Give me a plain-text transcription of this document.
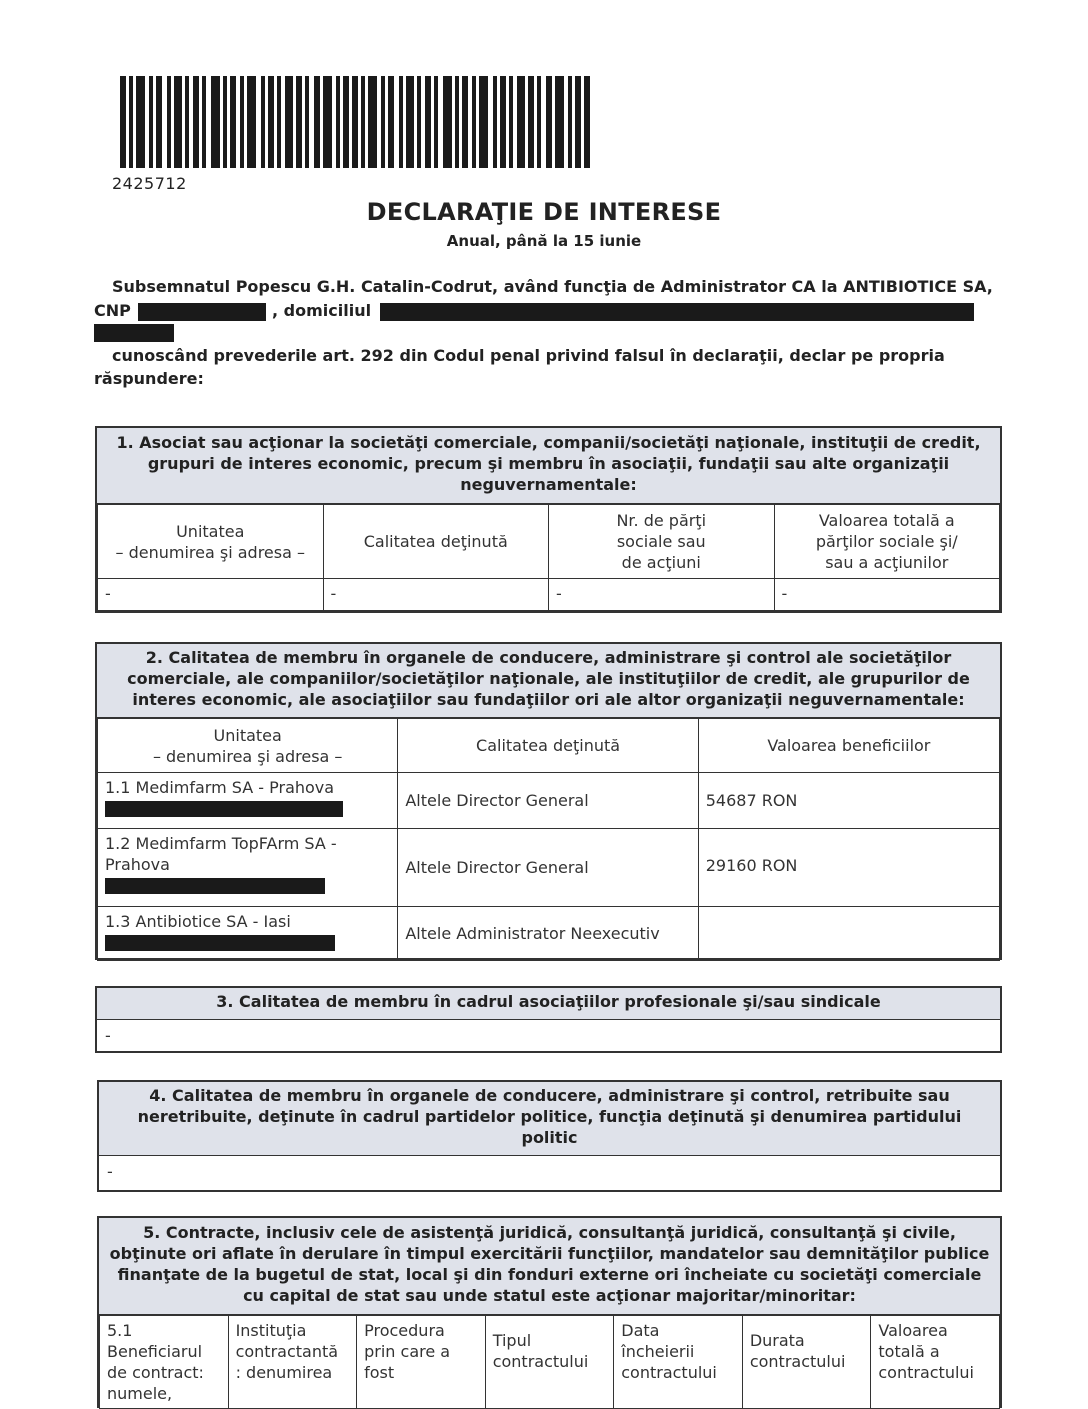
2425712
DECLARAŢIE DE INTERESE
Anual, până la 15 iunie
Subsemnatul Popescu G.H. Catalin-Codrut, având funcţia de Administrator CA la ANTIBIOTICE SA,
CNP	, domiciliul
cunoscând prevederile art. 292 din Codul penal privind falsul în declaraţii, declar pe propria
răspundere:
1. Asociat sau acţionar la societăţi comerciale, companii/societăţi naţionale, instituţii de credit, grupuri de interes economic, precum şi membru în asociaţii, fundaţii sau alte organizaţii neguvernamentale:
Unitatea
– denumirea şi adresa –	Calitatea deţinută	Nr. de părţi
sociale sau
de acţiuni	Valoarea totală a
părţilor sociale şi/
sau a acţiunilor
-	-	-	-
2. Calitatea de membru în organele de conducere, administrare şi control ale societăţilor comerciale, ale companiilor/societăţilor naţionale, ale instituţiilor de credit, ale grupurilor de interes economic, ale asociaţiilor sau fundaţiilor ori ale altor organizaţii neguvernamentale:
Unitatea
– denumirea şi adresa –	Calitatea deţinută	Valoarea beneficiilor
1.1 Medimfarm SA - Prahova	Altele Director General	54687 RON
1.2 Medimfarm TopFArm SA -
Prahova	Altele Director General	29160 RON
1.3 Antibiotice SA - Iasi	Altele Administrator Neexecutiv	
3. Calitatea de membru în cadrul asociaţiilor profesionale şi/sau sindicale
-
4. Calitatea de membru în organele de conducere, administrare şi control, retribuite sau neretribuite, deţinute în cadrul partidelor politice, funcţia deţinută şi denumirea partidului politic
-
5. Contracte, inclusiv cele de asistenţă juridică, consultanţă juridică, consultanţă şi civile, obţinute ori aflate în derulare în timpul exercitării funcţiilor, mandatelor sau demnităţilor publice finanţate de la bugetul de stat, local şi din fonduri externe ori încheiate cu societăţi comerciale cu capital de stat sau unde statul este acţionar majoritar/minoritar:
5.1 Beneficiarul
de contract:
numele,	Instituţia
contractantă
: denumirea	Procedura
prin care a
fost	Tipul
contractului	Data
încheierii
contractului	Durata
contractului	Valoarea
totală a
contractului
